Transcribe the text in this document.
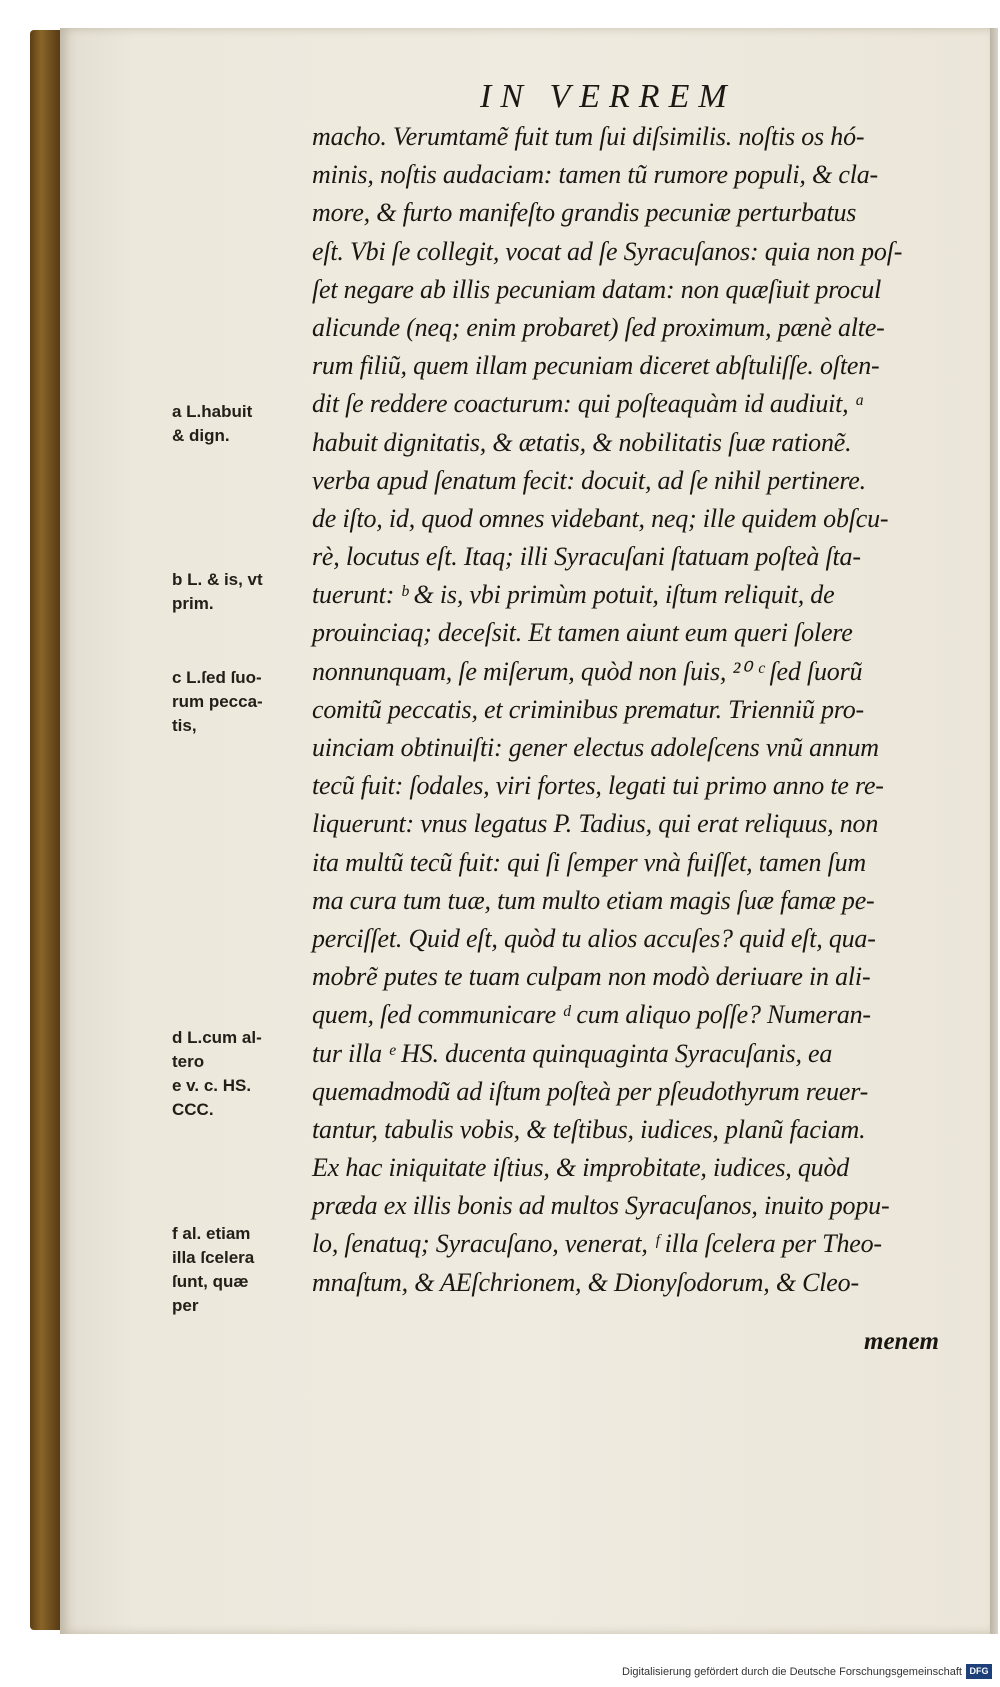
IN VERREM
macho. Verumtamẽ fuit tum ſui diſsimilis. noſtis os hó-
minis, noſtis audaciam: tamen tũ rumore populi, & cla-
more, & furto manifeſto grandis pecuniæ perturbatus
eſt. Vbi ſe collegit, vocat ad ſe Syracuſanos: quia non poſ-
ſet negare ab illis pecuniam datam: non quæſiuit procul
alicunde (neq; enim probaret) ſed proximum, pænè alte-
rum filiũ, quem illam pecuniam diceret abſtuliſſe. oſten-
dit ſe reddere coacturum: qui poſteaquàm id audiuit, ᵃ
habuit dignitatis, & ætatis, & nobilitatis ſuæ rationẽ.
verba apud ſenatum fecit: docuit, ad ſe nihil pertinere.
de iſto, id, quod omnes videbant, neq; ille quidem obſcu-
rè, locutus eſt. Itaq; illi Syracuſani ſtatuam poſteà ſta-
tuerunt: ᵇ & is, vbi primùm potuit, iſtum reliquit, de
prouinciaq; deceſsit. Et tamen aiunt eum queri ſolere
nonnunquam, ſe miſerum, quòd non ſuis, ²⁰ ᶜ ſed ſuorũ
comitũ peccatis, et criminibus prematur. Trienniũ pro-
uinciam obtinuiſti: gener electus adoleſcens vnũ annum
tecũ fuit: ſodales, viri fortes, legati tui primo anno te re-
liquerunt: vnus legatus P. Tadius, qui erat reliquus, non
ita multũ tecũ fuit: qui ſi ſemper vnà fuiſſet, tamen ſum
ma cura tum tuæ, tum multo etiam magis ſuæ famæ pe-
perciſſet. Quid eſt, quòd tu alios accuſes? quid eſt, qua-
mobrẽ putes te tuam culpam non modò deriuare in ali-
quem, ſed communicare ᵈ cum aliquo poſſe? Numeran-
tur illa ᵉ HS. ducenta quinquaginta Syracuſanis, ea
quemadmodũ ad iſtum poſteà per pſeudothyrum reuer-
tantur, tabulis vobis, & teſtibus, iudices, planũ faciam.
Ex hac iniquitate iſtius, & improbitate, iudices, quòd
præda ex illis bonis ad multos Syracuſanos, inuito popu-
lo, ſenatuq; Syracuſano, venerat, ᶠ illa ſcelera per Theo-
mnaſtum, & AEſchrionem, & Dionyſodorum, & Cleo-
menem
a L.habuit
& dign.
b L. & is, vt
prim.
c L.ſed ſuo-
rum pecca-
tis,
d L.cum al-
tero
e v. c. HS.
CCC.
f al. etiam
illa ſcelera
ſunt, quæ
per
Digitalisierung gefördert durch die Deutsche Forschungsgemeinschaft DFG
